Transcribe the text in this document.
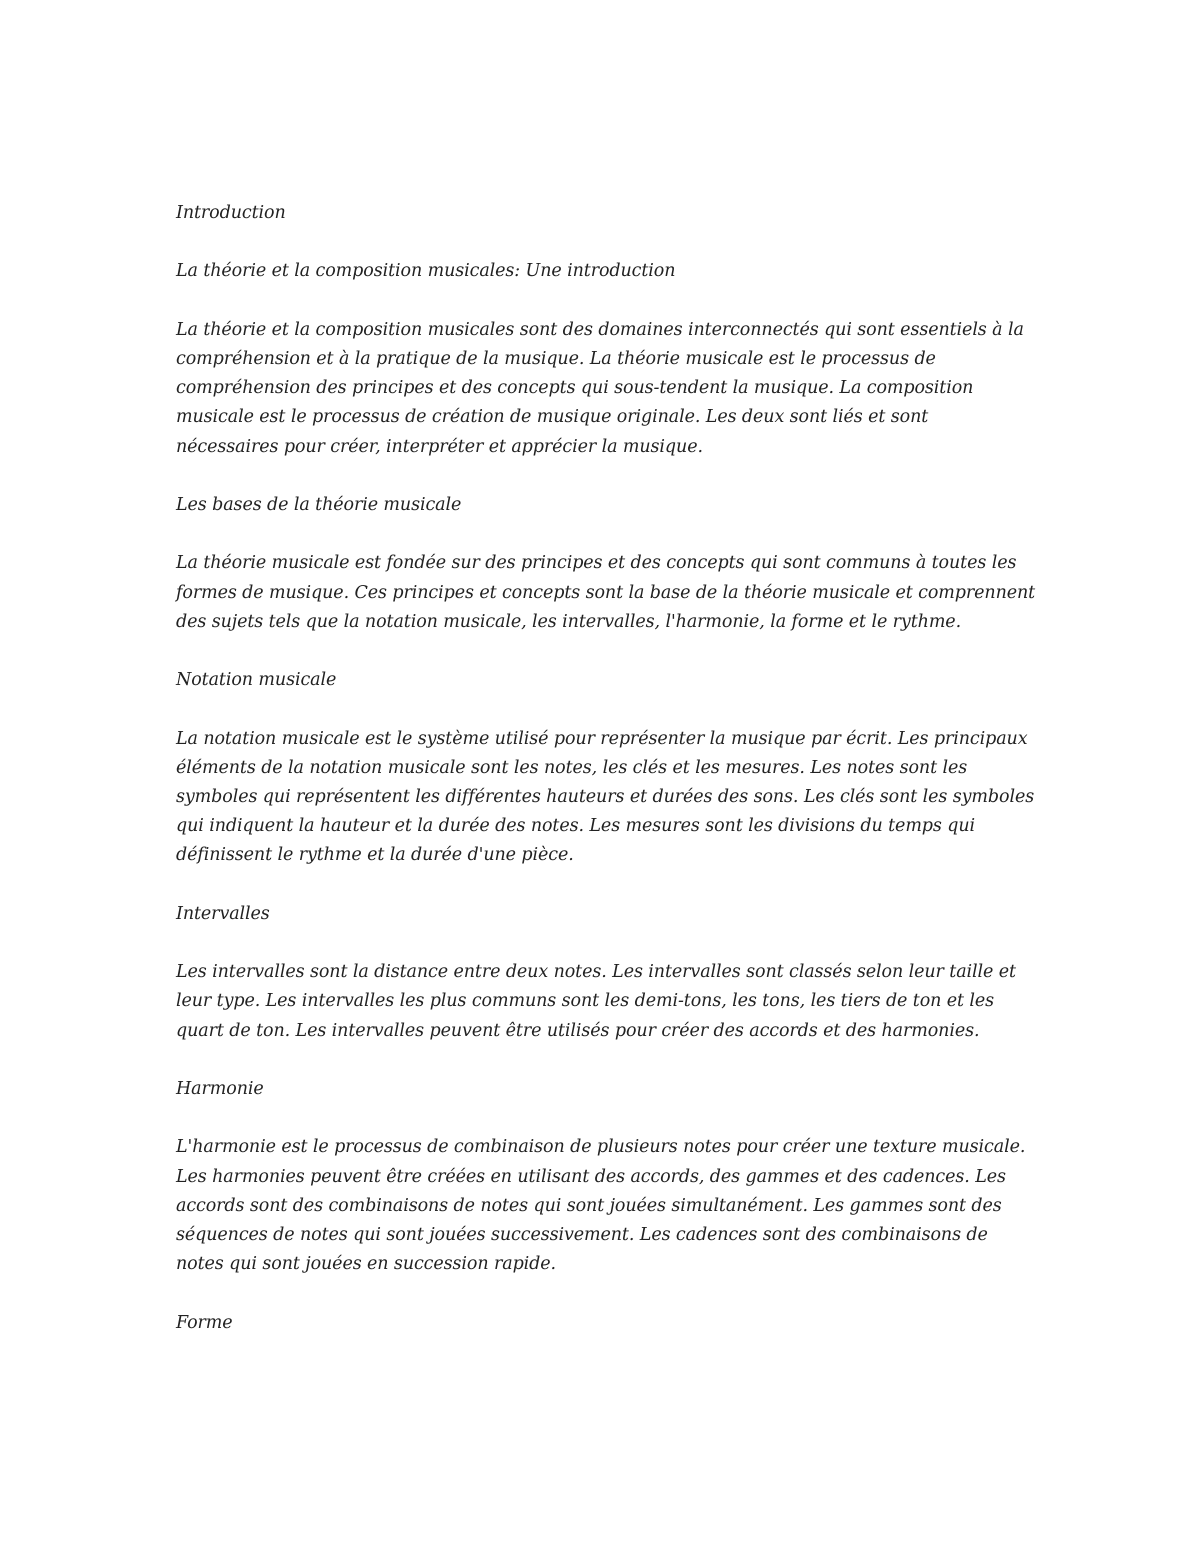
Introduction

La théorie et la composition musicales: Une introduction

La théorie et la composition musicales sont des domaines interconnectés qui sont essentiels à la compréhension et à la pratique de la musique. La théorie musicale est le processus de compréhension des principes et des concepts qui sous-tendent la musique. La composition musicale est le processus de création de musique originale. Les deux sont liés et sont nécessaires pour créer, interpréter et apprécier la musique.

Les bases de la théorie musicale

La théorie musicale est fondée sur des principes et des concepts qui sont communs à toutes les formes de musique. Ces principes et concepts sont la base de la théorie musicale et comprennent des sujets tels que la notation musicale, les intervalles, l'harmonie, la forme et le rythme.

Notation musicale

La notation musicale est le système utilisé pour représenter la musique par écrit. Les principaux éléments de la notation musicale sont les notes, les clés et les mesures. Les notes sont les symboles qui représentent les différentes hauteurs et durées des sons. Les clés sont les symboles qui indiquent la hauteur et la durée des notes. Les mesures sont les divisions du temps qui définissent le rythme et la durée d'une pièce.

Intervalles

Les intervalles sont la distance entre deux notes. Les intervalles sont classés selon leur taille et leur type. Les intervalles les plus communs sont les demi-tons, les tons, les tiers de ton et les quart de ton. Les intervalles peuvent être utilisés pour créer des accords et des harmonies.

Harmonie

L'harmonie est le processus de combinaison de plusieurs notes pour créer une texture musicale. Les harmonies peuvent être créées en utilisant des accords, des gammes et des cadences. Les accords sont des combinaisons de notes qui sont jouées simultanément. Les gammes sont des séquences de notes qui sont jouées successivement. Les cadences sont des combinaisons de notes qui sont jouées en succession rapide.

Forme
